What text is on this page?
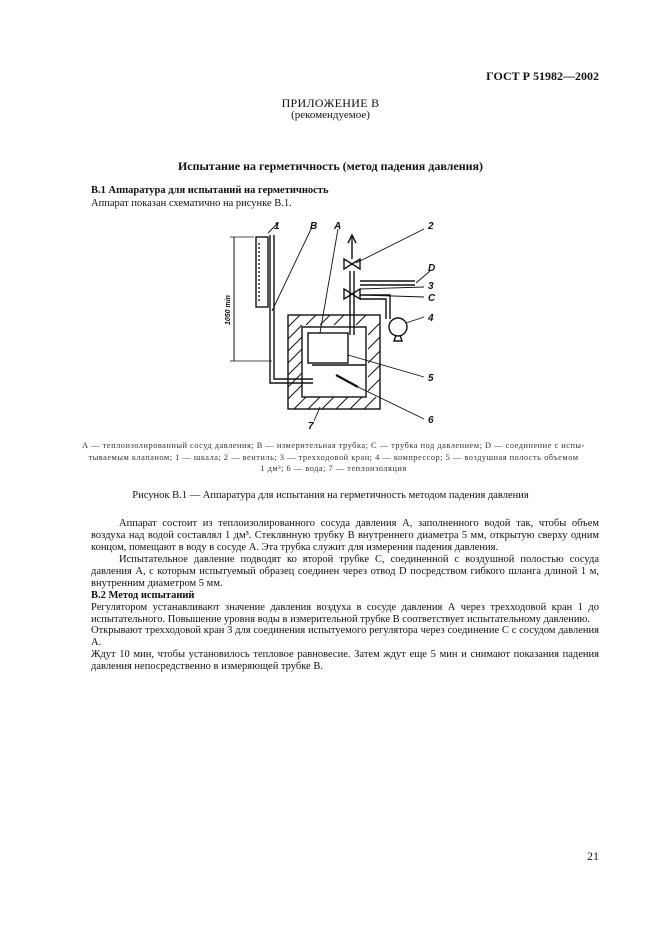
ГОСТ Р 51982—2002
ПРИЛОЖЕНИЕ В
(рекомендуемое)
Испытание на герметичность (метод падения давления)
В.1 Аппаратура для испытаний на герметичность
Аппарат показан схематично на рисунке В.1.
1	В А	2
D
3
С
4
5
6
7
1050 min
А — теплоизолированный сосуд давления; В — измерительная трубка; С — трубка под давлением; D — соединение с испы-
тываемым клапаном; 1 — шкала; 2 — вентиль; 3 — трехходовой кран; 4 — компрессор; 5 — воздушная полость объемом
1 дм³; 6 — вода; 7 — теплоизоляция
Рисунок В.1 — Аппаратура для испытания на герметичность методом падения давления
Аппарат состоит из теплоизолированного сосуда давления А, заполненного водой так, чтобы объем воздуха над водой составлял 1 дм³. Стеклянную трубку В внутреннего диаметра 5 мм, открытую сверху одним концом, помещают в воду в сосуде А. Эта трубка служит для измерения падения давления.
Испытательное давление подводят ко второй трубке С, соединенной с воздушной полостью сосуда давления А, с которым испытуемый образец соединен через отвод D посредством гибкого шланга длиной 1 м, внутренним диаметром 5 мм.
В.2 Метод испытаний
Регулятором устанавливают значение давления воздуха в сосуде давления А через трехходовой кран 1 до испытательного. Повышение уровня воды в измерительной трубке В соответствует испытательному давлению.
Открывают трехходовой кран 3 для соединения испытуемого регулятора через соединение С с сосудом давления А.
Ждут 10 мин, чтобы установилось тепловое равновесие. Затем ждут еще 5 мин и снимают показания падения давления непосредственно в измеряющей трубке В.
21
